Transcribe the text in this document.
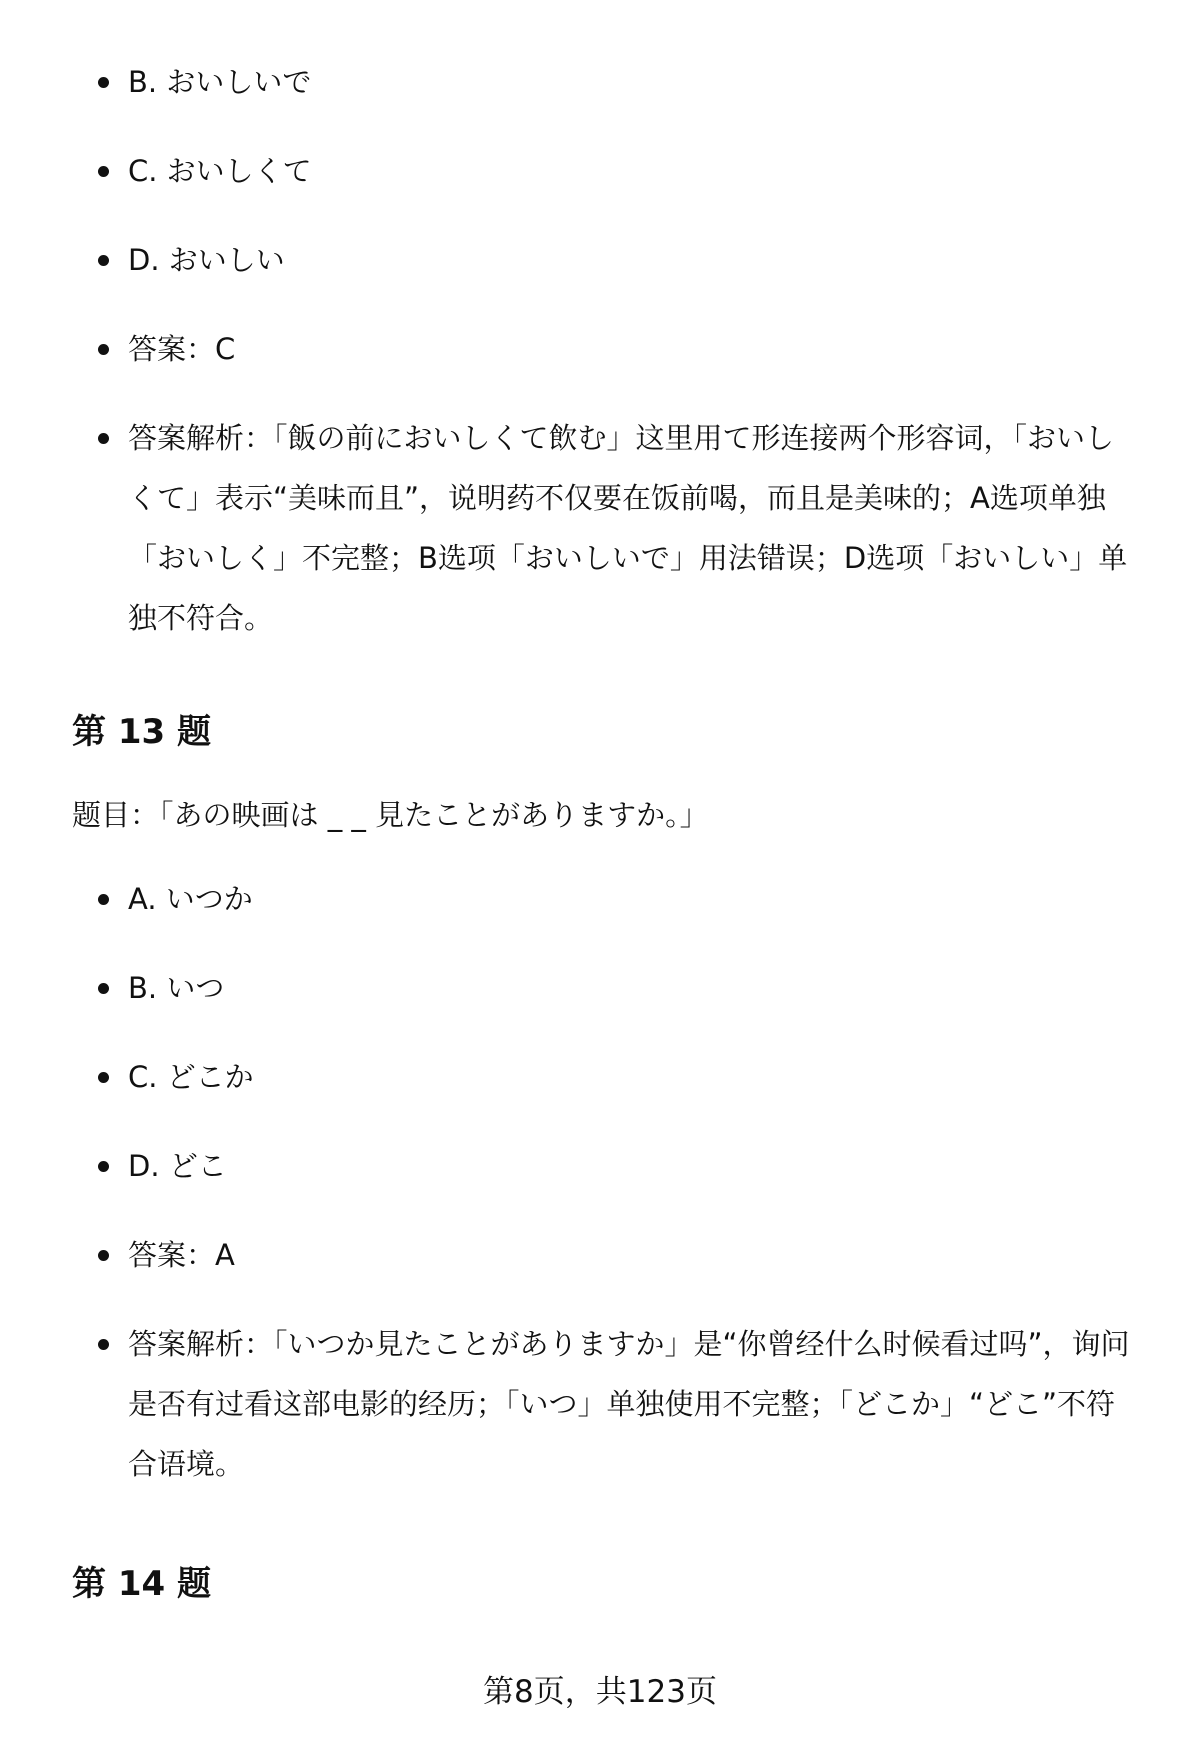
B. おいしいで
C. おいしくて
D. おいしい
答案：C
答案解析：「飯の前においしくて飲む」这里用て形连接两个形容词，「おいしくて」表示“美味而且”，说明药不仅要在饭前喝，而且是美味的；A选项单独「おいしく」不完整；B选项「おいしいで」用法错误；D选项「おいしい」单独不符合。
第 13 题

题目：「あの映画は _ _ 見たことがありますか。」

A. いつか
B. いつ
C. どこか
D. どこ
答案：A
答案解析：「いつか見たことがありますか」是“你曾经什么时候看过吗”，询问是否有过看这部电影的经历；「いつ」单独使用不完整；「どこか」“どこ”不符合语境。
第 14 题
第8页，共123页
